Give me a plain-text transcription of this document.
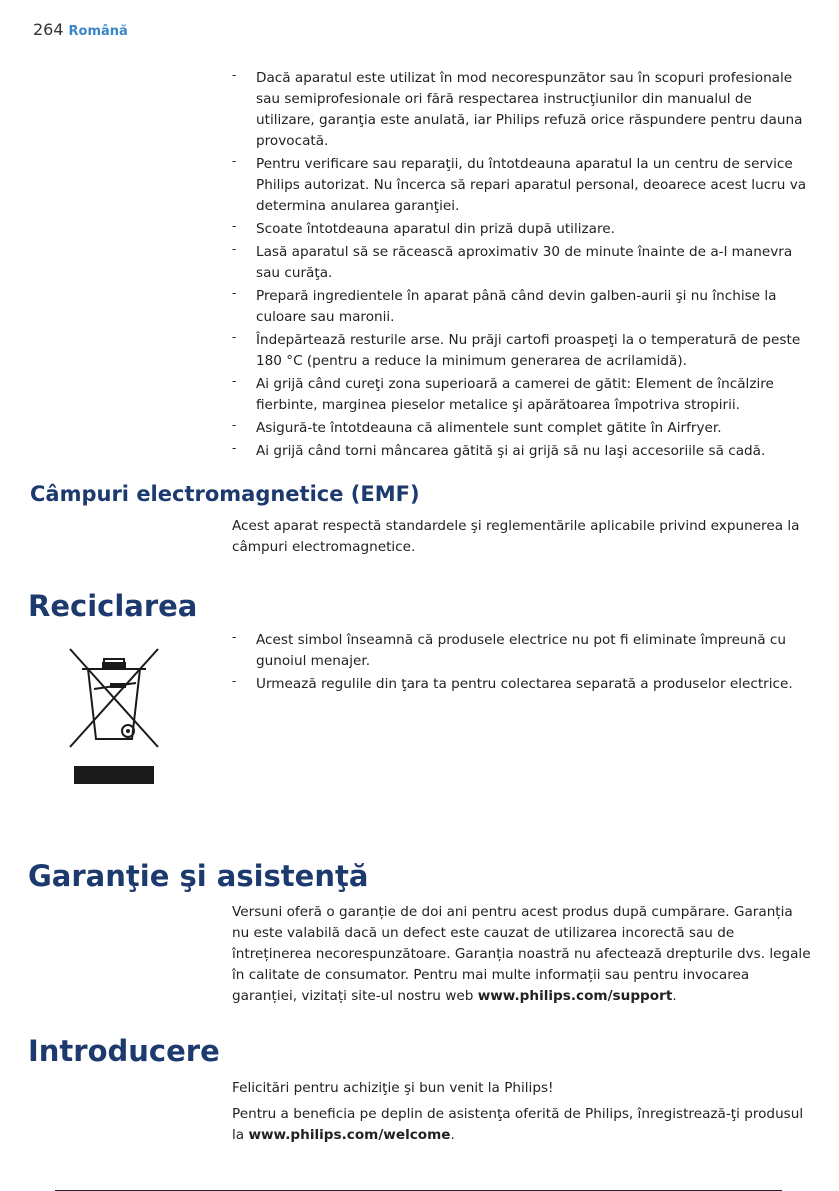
264 Română
- Dacă aparatul este utilizat în mod necorespunzător sau în scopuri profesionale sau semiprofesionale ori fără respectarea instrucţiunilor din manualul de utilizare, garanţia este anulată, iar Philips refuză orice răspundere pentru dauna provocată.
- Pentru verificare sau reparaţii, du întotdeauna aparatul la un centru de service Philips autorizat. Nu încerca să repari aparatul personal, deoarece acest lucru va determina anularea garanţiei.
- Scoate întotdeauna aparatul din priză după utilizare.
- Lasă aparatul să se răcească aproximativ 30 de minute înainte de a-l manevra sau curăţa.
- Prepară ingredientele în aparat până când devin galben-aurii şi nu închise la culoare sau maronii.
- Îndepărtează resturile arse. Nu prăji cartofi proaspeţi la o temperatură de peste 180 °C (pentru a reduce la minimum generarea de acrilamidă).
- Ai grijă când cureţi zona superioară a camerei de gătit: Element de încălzire fierbinte, marginea pieselor metalice şi apărătoarea împotriva stropirii.
- Asigură-te întotdeauna că alimentele sunt complet gătite în Airfryer.
- Ai grijă când torni mâncarea gătită şi ai grijă să nu laşi accesoriile să cadă.
Câmpuri electromagnetice (EMF)

Acest aparat respectă standardele şi reglementările aplicabile privind expunerea la câmpuri electromagnetice.

Reciclarea
- Acest simbol înseamnă că produsele electrice nu pot fi eliminate împreună cu gunoiul menajer.
- Urmează regulile din ţara ta pentru colectarea separată a produselor electrice.
Garanţie şi asistenţă

Versuni oferă o garanție de doi ani pentru acest produs după cumpărare. Garanția nu este valabilă dacă un defect este cauzat de utilizarea incorectă sau de întreținerea necorespunzătoare. Garanția noastră nu afectează drepturile dvs. legale în calitate de consumator. Pentru mai multe informații sau pentru invocarea garanției, vizitați site-ul nostru web www.philips.com/support.

Introducere

Felicitări pentru achiziţie şi bun venit la Philips!

Pentru a beneficia pe deplin de asistenţa oferită de Philips, înregistrează-ţi produsul la www.philips.com/welcome.
